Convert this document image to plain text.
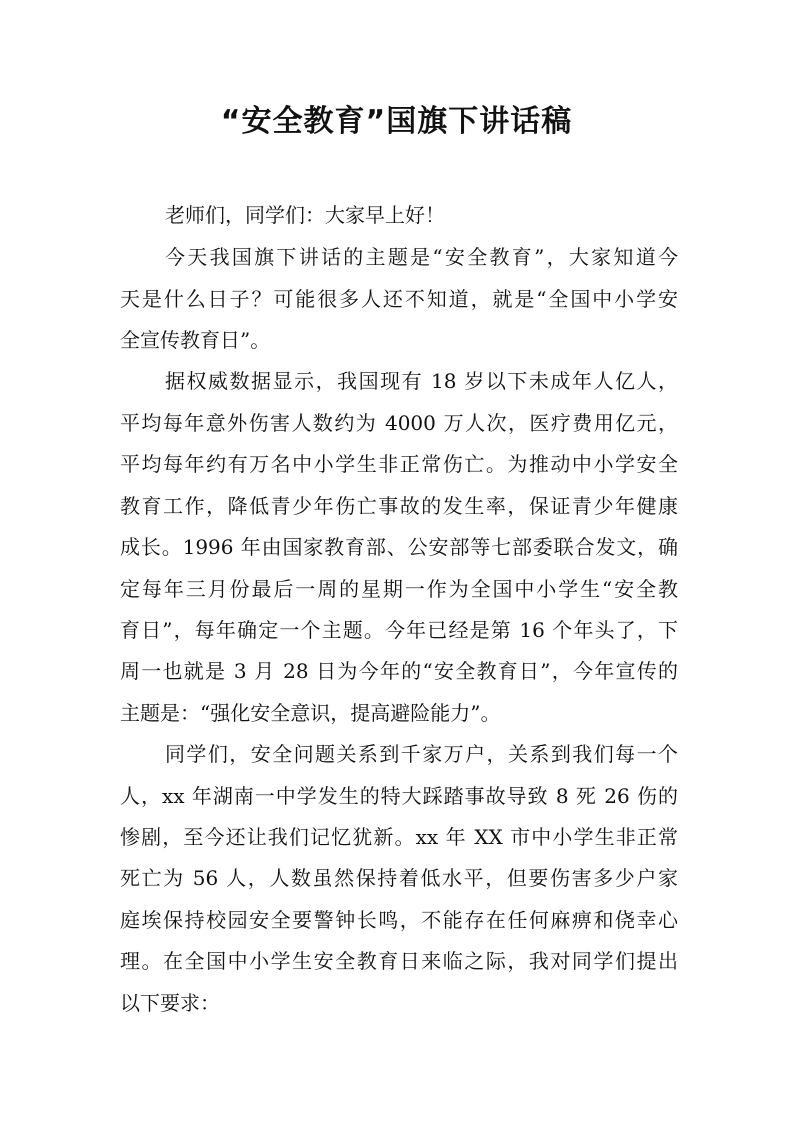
“安全教育”国旗下讲话稿
老师们，同学们：大家早上好！
今天我国旗下讲话的主题是“安全教育”，大家知道今
天是什么日子？可能很多人还不知道，就是“全国中小学安
全宣传教育日”。
据权威数据显示，我国现有 18 岁以下未成年人亿人，
平均每年意外伤害人数约为 4000 万人次，医疗费用亿元，
平均每年约有万名中小学生非正常伤亡。为推动中小学安全
教育工作，降低青少年伤亡事故的发生率，保证青少年健康
成长。1996 年由国家教育部、公安部等七部委联合发文，确
定每年三月份最后一周的星期一作为全国中小学生“安全教
育日”，每年确定一个主题。今年已经是第 16 个年头了，下
周一也就是 3 月 28 日为今年的“安全教育日”，今年宣传的
主题是：“强化安全意识，提高避险能力”。
同学们，安全问题关系到千家万户，关系到我们每一个
人，xx 年湖南一中学发生的特大踩踏事故导致 8 死 26 伤的
惨剧，至今还让我们记忆犹新。xx 年 XX 市中小学生非正常
死亡为 56 人，人数虽然保持着低水平，但要伤害多少户家
庭埃保持校园安全要警钟长鸣，不能存在任何麻痹和侥幸心
理。在全国中小学生安全教育日来临之际，我对同学们提出
以下要求：
